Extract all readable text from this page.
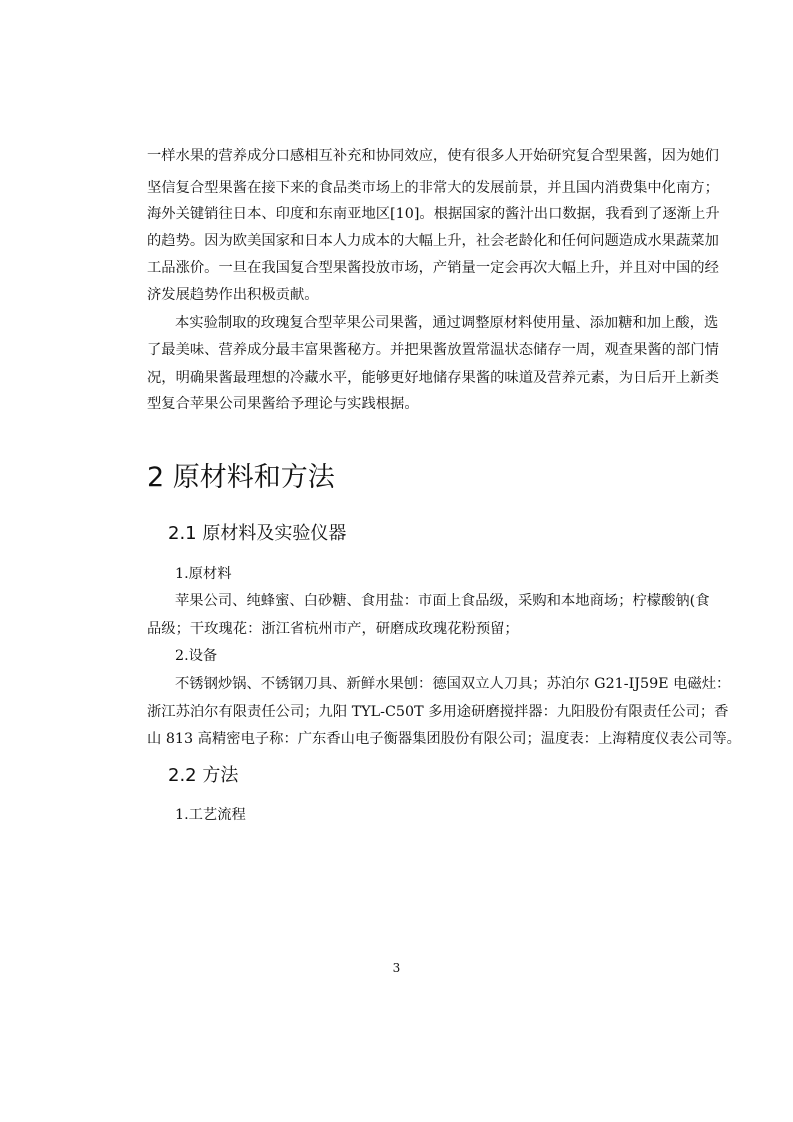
一样水果的营养成分口感相互补充和协同效应，使有很多人开始研究复合型果酱，因为她们
坚信复合型果酱在接下来的食品类市场上的非常大的发展前景，并且国内消费集中化南方；
海外关键销往日本、印度和东南亚地区[10]。根据国家的酱汁出口数据，我看到了逐渐上升
的趋势。因为欧美国家和日本人力成本的大幅上升，社会老龄化和任何问题造成水果蔬菜加
工品涨价。一旦在我国复合型果酱投放市场，产销量一定会再次大幅上升，并且对中国的经
济发展趋势作出积极贡献。
本实验制取的玫瑰复合型苹果公司果酱，通过调整原材料使用量、添加糖和加上酸，选
了最美味、营养成分最丰富果酱秘方。并把果酱放置常温状态储存一周，观查果酱的部门情
况，明确果酱最理想的冷藏水平，能够更好地储存果酱的味道及营养元素，为日后开上新类
型复合苹果公司果酱给予理论与实践根据。
2 原材料和方法
2.1 原材料及实验仪器
1.原材料
苹果公司、纯蜂蜜、白砂糖、食用盐：市面上食品级，采购和本地商场；柠檬酸钠(食
品级；干玫瑰花：浙江省杭州市产，研磨成玫瑰花粉预留；
2.设备
不锈钢炒锅、不锈钢刀具、新鲜水果刨：德国双立人刀具；苏泊尔 G21-IJ59E 电磁灶：
浙江苏泊尔有限责任公司；九阳 TYL-C50T 多用途研磨搅拌器：九阳股份有限责任公司；香
山 813 高精密电子称：广东香山电子衡器集团股份有限公司；温度表：上海精度仪表公司等。
2.2 方法
1.工艺流程
3
